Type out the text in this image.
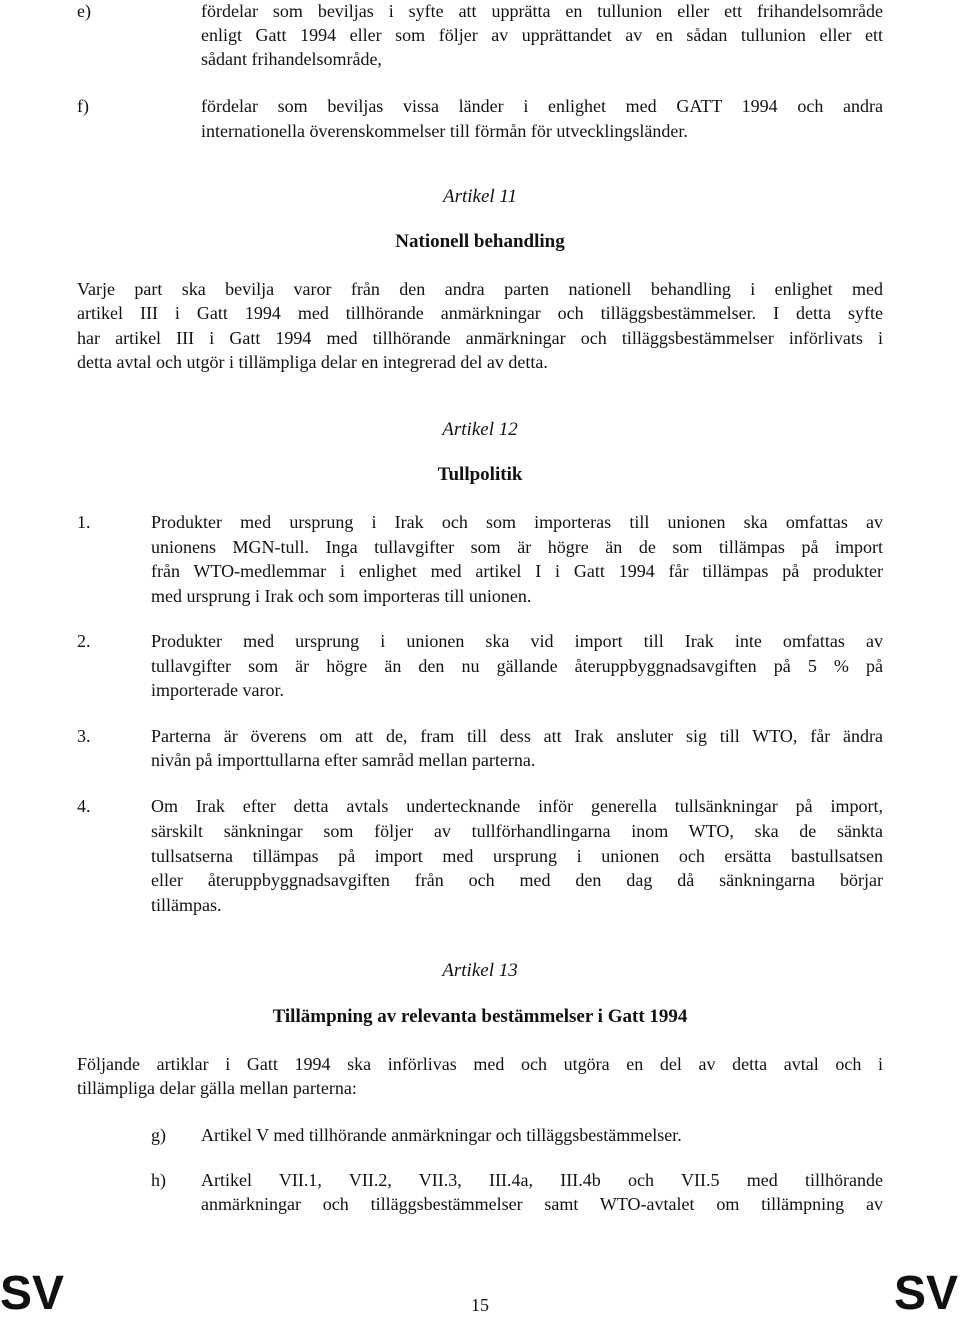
e)	fördelar som beviljas i syfte att upprätta en tullunion eller ett frihandelsområde
enligt Gatt 1994 eller som följer av upprättandet av en sådan tullunion eller ett
sådant frihandelsområde,
f)	fördelar som beviljas vissa länder i enlighet med GATT 1994 och andra
internationella överenskommelser till förmån för utvecklingsländer.
Artikel 11
Nationell behandling
Varje part ska bevilja varor från den andra parten nationell behandling i enlighet med
artikel III i Gatt 1994 med tillhörande anmärkningar och tilläggsbestämmelser. I detta syfte
har artikel III i Gatt 1994 med tillhörande anmärkningar och tilläggsbestämmelser införlivats i
detta avtal och utgör i tillämpliga delar en integrerad del av detta.
Artikel 12
Tullpolitik
1.	Produkter med ursprung i Irak och som importeras till unionen ska omfattas av
unionens MGN-tull. Inga tullavgifter som är högre än de som tillämpas på import
från WTO-medlemmar i enlighet med artikel I i Gatt 1994 får tillämpas på produkter
med ursprung i Irak och som importeras till unionen.
2.	Produkter med ursprung i unionen ska vid import till Irak inte omfattas av
tullavgifter som är högre än den nu gällande återuppbyggnadsavgiften på 5 % på
importerade varor.
3.	Parterna är överens om att de, fram till dess att Irak ansluter sig till WTO, får ändra
nivån på importtullarna efter samråd mellan parterna.
4.	Om Irak efter detta avtals undertecknande inför generella tullsänkningar på import,
särskilt sänkningar som följer av tullförhandlingarna inom WTO, ska de sänkta
tullsatserna tillämpas på import med ursprung i unionen och ersätta bastullsatsen
eller återuppbyggnadsavgiften från och med den dag då sänkningarna börjar
tillämpas.
Artikel 13
Tillämpning av relevanta bestämmelser i Gatt 1994
Följande artiklar i Gatt 1994 ska införlivas med och utgöra en del av detta avtal och i
tillämpliga delar gälla mellan parterna:
g) Artikel V med tillhörande anmärkningar och tilläggsbestämmelser.
h) Artikel VII.1, VII.2, VII.3, III.4a, III.4b och VII.5 med tillhörande
anmärkningar och tilläggsbestämmelser samt WTO-avtalet om tillämpning av
SV	15	SV
